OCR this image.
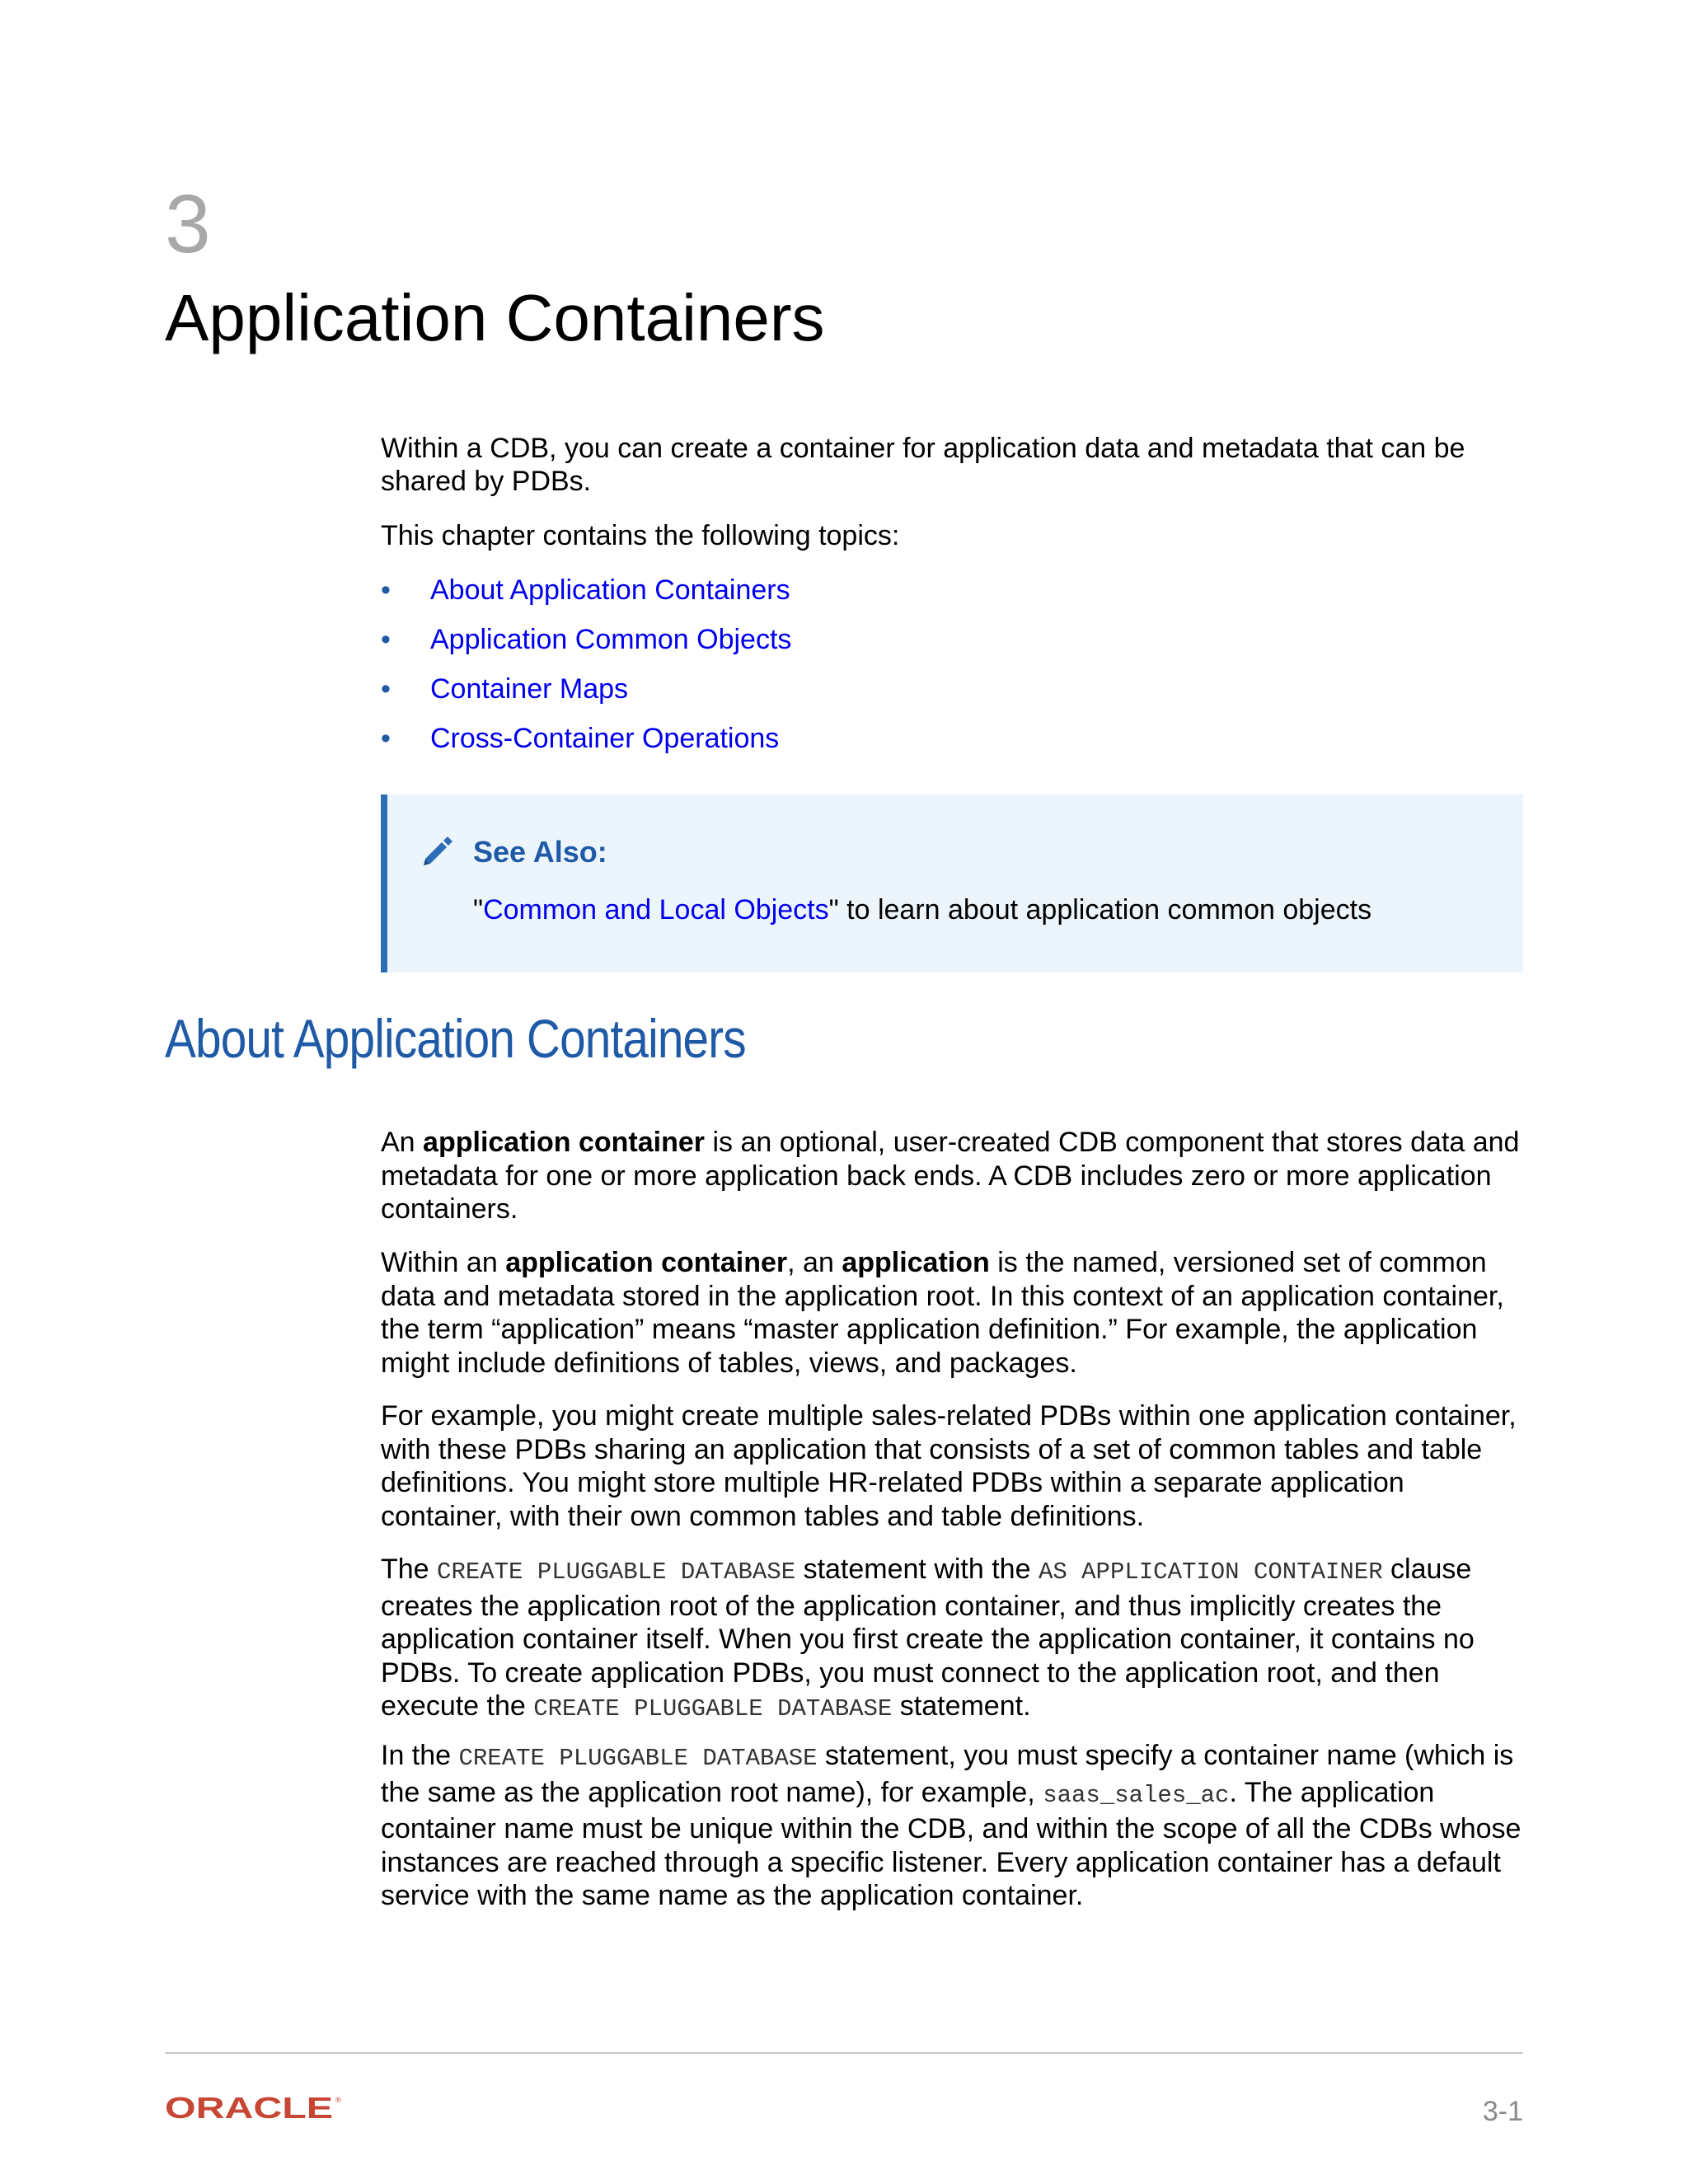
3
Application Containers

Within a CDB, you can create a container for application data and metadata that can be shared by PDBs.

This chapter contains the following topics:

• About Application Containers
• Application Common Objects
• Container Maps
• Cross-Container Operations
See Also:
"Common and Local Objects" to learn about application common objects
About Application Containers

An application container is an optional, user-created CDB component that stores data and metadata for one or more application back ends. A CDB includes zero or more application containers.

Within an application container, an application is the named, versioned set of common data and metadata stored in the application root. In this context of an application container, the term “application” means “master application definition.” For example, the application might include definitions of tables, views, and packages.

For example, you might create multiple sales-related PDBs within one application container, with these PDBs sharing an application that consists of a set of common tables and table definitions. You might store multiple HR-related PDBs within a separate application container, with their own common tables and table definitions.

The CREATE PLUGGABLE DATABASE statement with the AS APPLICATION CONTAINER clause creates the application root of the application container, and thus implicitly creates the application container itself. When you first create the application container, it contains no PDBs. To create application PDBs, you must connect to the application root, and then execute the CREATE PLUGGABLE DATABASE statement.

In the CREATE PLUGGABLE DATABASE statement, you must specify a container name (which is the same as the application root name), for example, saas_sales_ac. The application container name must be unique within the CDB, and within the scope of all the CDBs whose instances are reached through a specific listener. Every application container has a default service with the same name as the application container.

ORACLE ®	3-1
